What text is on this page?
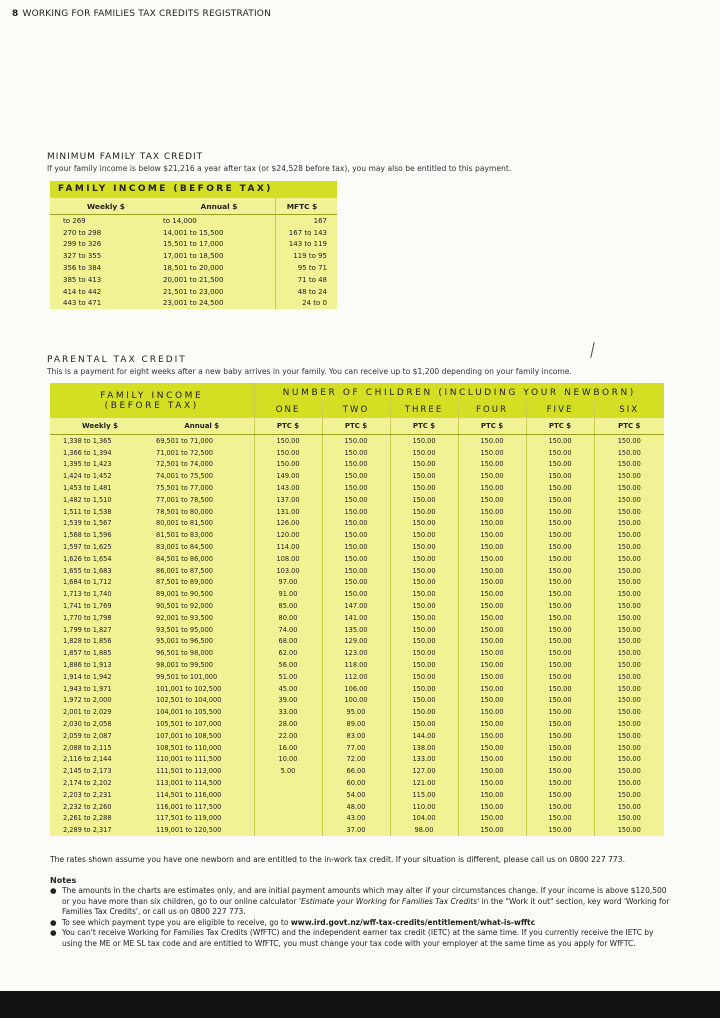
8 WORKING FOR FAMILIES TAX CREDITS REGISTRATION
MINIMUM FAMILY TAX CREDIT
If your family income is below $21,216 a year after tax (or $24,528 before tax), you may also be entitled to this payment.
FAMILY INCOME (BEFORE TAX)
Weekly $	Annual $	MFTC $
to 269	to 14,000	167
270 to 298	14,001 to 15,500	167 to 143
299 to 326	15,501 to 17,000	143 to 119
327 to 355	17,001 to 18,500	119 to 95
356 to 384	18,501 to 20,000	95 to 71
385 to 413	20,001 to 21,500	71 to 48
414 to 442	21,501 to 23,000	48 to 24
443 to 471	23,001 to 24,500	24 to 0
PARENTAL TAX CREDIT
This is a payment for eight weeks after a new baby arrives in your family. You can receive up to $1,200 depending on your family income.
FAMILY INCOME
(BEFORE TAX)		NUMBER OF CHILDREN (INCLUDING YOUR NEWBORN)					
		ONE	TWO	THREE	FOUR	FIVE	SIX
Weekly $	Annual $	PTC $	PTC $	PTC $	PTC $	PTC $	PTC $
1,338 to 1,365	69,501 to 71,000	150.00	150.00	150.00	150.00	150.00	150.00
1,366 to 1,394	71,001 to 72,500	150.00	150.00	150.00	150.00	150.00	150.00
1,395 to 1,423	72,501 to 74,000	150.00	150.00	150.00	150.00	150.00	150.00
1,424 to 1,452	74,001 to 75,500	149.00	150.00	150.00	150.00	150.00	150.00
1,453 to 1,481	75,501 to 77,000	143.00	150.00	150.00	150.00	150.00	150.00
1,482 to 1,510	77,001 to 78,500	137.00	150.00	150.00	150.00	150.00	150.00
1,511 to 1,538	78,501 to 80,000	131.00	150.00	150.00	150.00	150.00	150.00
1,539 to 1,567	80,001 to 81,500	126.00	150.00	150.00	150.00	150.00	150.00
1,568 to 1,596	81,501 to 83,000	120.00	150.00	150.00	150.00	150.00	150.00
1,597 to 1,625	83,001 to 84,500	114.00	150.00	150.00	150.00	150.00	150.00
1,626 to 1,654	84,501 to 86,000	108.00	150.00	150.00	150.00	150.00	150.00
1,655 to 1,683	86,001 to 87,500	103.00	150.00	150.00	150.00	150.00	150.00
1,684 to 1,712	87,501 to 89,000	97.00	150.00	150.00	150.00	150.00	150.00
1,713 to 1,740	89,001 to 90,500	91.00	150.00	150.00	150.00	150.00	150.00
1,741 to 1,769	90,501 to 92,000	85.00	147.00	150.00	150.00	150.00	150.00
1,770 to 1,798	92,001 to 93,500	80.00	141.00	150.00	150.00	150.00	150.00
1,799 to 1,827	93,501 to 95,000	74.00	135.00	150.00	150.00	150.00	150.00
1,828 to 1,856	95,001 to 96,500	68.00	129.00	150.00	150.00	150.00	150.00
1,857 to 1,885	96,501 to 98,000	62.00	123.00	150.00	150.00	150.00	150.00
1,886 to 1,913	98,001 to 99,500	56.00	118.00	150.00	150.00	150.00	150.00
1,914 to 1,942	99,501 to 101,000	51.00	112.00	150.00	150.00	150.00	150.00
1,943 to 1,971	101,001 to 102,500	45.00	106.00	150.00	150.00	150.00	150.00
1,972 to 2,000	102,501 to 104,000	39.00	100.00	150.00	150.00	150.00	150.00
2,001 to 2,029	104,001 to 105,500	33.00	95.00	150.00	150.00	150.00	150.00
2,030 to 2,058	105,501 to 107,000	28.00	89.00	150.00	150.00	150.00	150.00
2,059 to 2,087	107,001 to 108,500	22.00	83.00	144.00	150.00	150.00	150.00
2,088 to 2,115	108,501 to 110,000	16.00	77.00	138.00	150.00	150.00	150.00
2,116 to 2,144	110,001 to 111,500	10.00	72.00	133.00	150.00	150.00	150.00
2,145 to 2,173	111,501 to 113,000	5.00	66.00	127.00	150.00	150.00	150.00
2,174 to 2,202	113,001 to 114,500		60.00	121.00	150.00	150.00	150.00
2,203 to 2,231	114,501 to 116,000		54.00	115.00	150.00	150.00	150.00
2,232 to 2,260	116,001 to 117,500		48.00	110.00	150.00	150.00	150.00
2,261 to 2,288	117,501 to 119,000		43.00	104.00	150.00	150.00	150.00
2,289 to 2,317	119,001 to 120,500		37.00	98.00	150.00	150.00	150.00
The rates shown assume you have one newborn and are entitled to the in-work tax credit. If your situation is different, please call us on 0800 227 773.
Notes
● The amounts in the charts are estimates only, and are initial payment amounts which may alter if your circumstances change. If your income is above $120,500 or you have more than six children, go to our online calculator 'Estimate your Working for Families Tax Credits' in the "Work it out" section, key word 'Working for Families Tax Credits', or call us on 0800 227 773.
● To see which payment type you are eligible to receive, go to www.ird.govt.nz/wff-tax-credits/entitlement/what-is-wfftc
● You can't receive Working for Families Tax Credits (WfFTC) and the independent earner tax credit (IETC) at the same time. If you currently receive the IETC by using the ME or ME SL tax code and are entitled to WfFTC, you must change your tax code with your employer at the same time as you apply for WfFTC.
